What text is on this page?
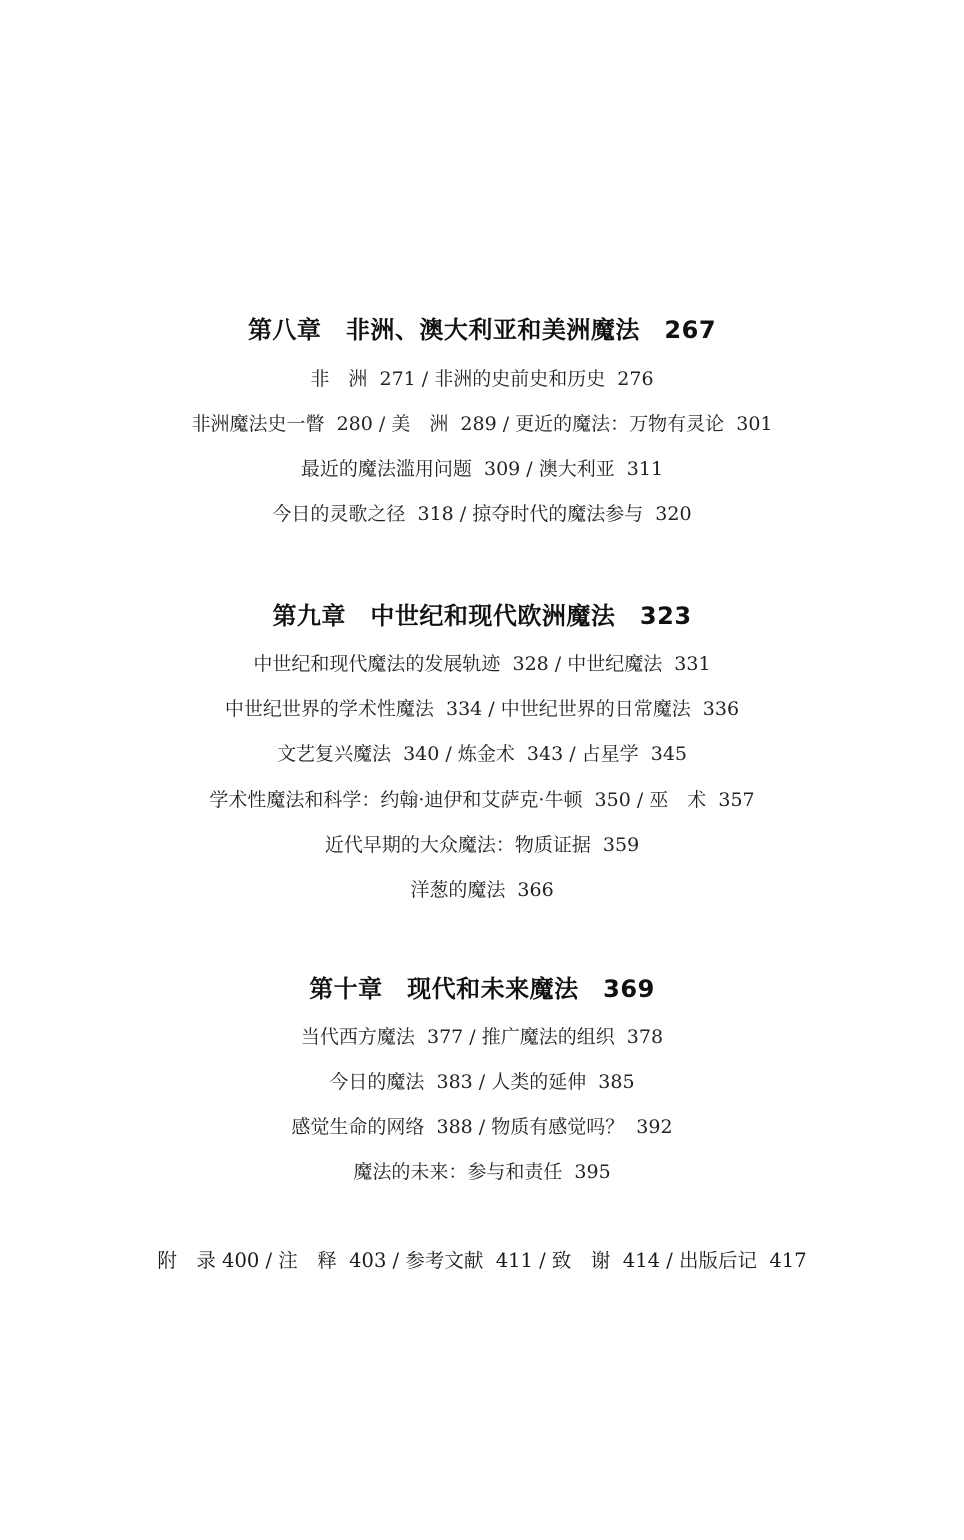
第八章　非洲、澳大利亚和美洲魔法　267
非　洲  271 / 非洲的史前史和历史  276
非洲魔法史一瞥  280 / 美　洲  289 / 更近的魔法：万物有灵论  301
最近的魔法滥用问题  309 / 澳大利亚  311
今日的灵歌之径  318 / 掠夺时代的魔法参与  320
第九章　中世纪和现代欧洲魔法　323
中世纪和现代魔法的发展轨迹  328 / 中世纪魔法  331
中世纪世界的学术性魔法  334 / 中世纪世界的日常魔法  336
文艺复兴魔法  340 / 炼金术  343 / 占星学  345
学术性魔法和科学：约翰·迪伊和艾萨克·牛顿  350 / 巫　术  357
近代早期的大众魔法：物质证据  359
洋葱的魔法  366
第十章　现代和未来魔法　369
当代西方魔法  377 / 推广魔法的组织  378
今日的魔法  383 / 人类的延伸  385
感觉生命的网络  388 / 物质有感觉吗？  392
魔法的未来：参与和责任  395
附　录 400 / 注　释  403 / 参考文献  411 / 致　谢  414 / 出版后记  417
